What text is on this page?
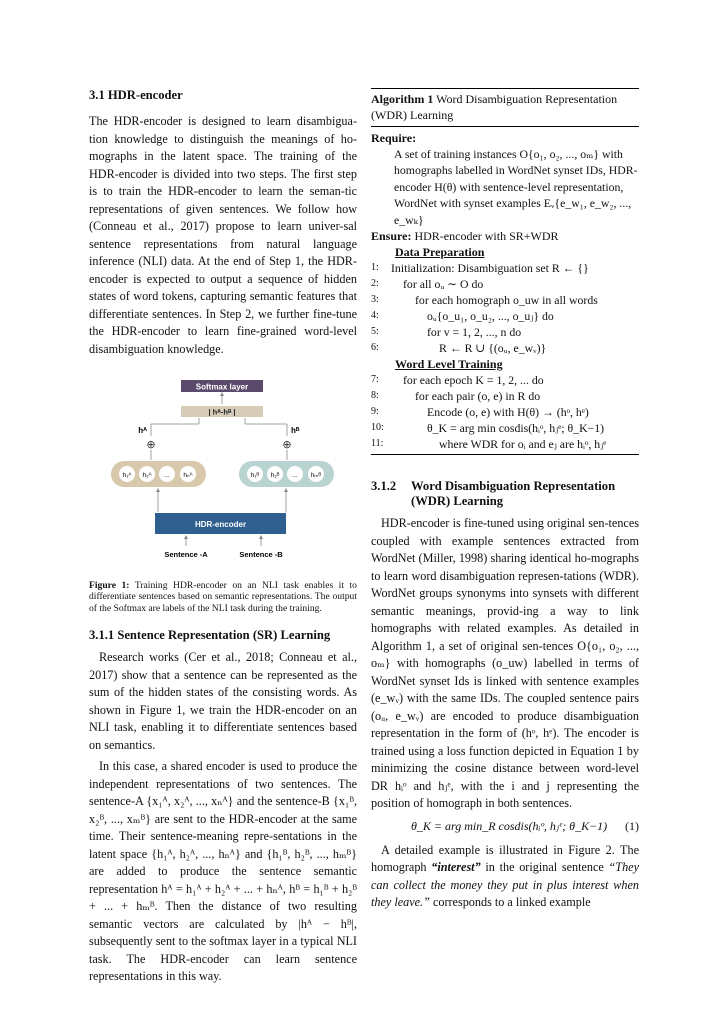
3.1 HDR-encoder

The HDR-encoder is designed to learn disambigua-tion knowledge to distinguish the meanings of ho-mographs in the latent space. The training of the HDR-encoder is divided into two steps. The first step is to train the HDR-encoder to learn the seman-tic representations of given sentences. We follow how (Conneau et al., 2017) propose to learn univer-sal sentence representations from natural language inference (NLI) data. At the end of Step 1, the HDR-encoder is expected to output a sequence of hidden states of word tokens, capturing semantic features that differentiate sentences. In Step 2, we further fine-tune the HDR-encoder to learn fine-grained word-level disambiguation knowledge.

Softmax layer
| hᴬ-hᴮ |
hᴬ	hᴮ
⊕	⊕
h₁ᴬ h₂ᴬ ... hₙᴬ	h₁ᴮ h₂ᴮ ... hₘᴮ
HDR-encoder
Sentence -A	Sentence -B
Figure 1: Training HDR-encoder on an NLI task enables it to differentiate sentences based on semantic representations. The output of the Softmax are labels of the NLI task during the training.
3.1.1 Sentence Representation (SR) Learning

Research works (Cer et al., 2018; Conneau et al., 2017) show that a sentence can be represented as the sum of the hidden states of the consisting words. As shown in Figure 1, we train the HDR-encoder on an NLI task, enabling it to differentiate sentences based on semantics.

In this case, a shared encoder is used to produce the independent representations of two sentences. The sentence-A {x₁ᴬ, x₂ᴬ, ..., xₙᴬ} and the sentence-B {x₁ᴮ, x₂ᴮ, ..., xₘᴮ} are sent to the HDR-encoder at the same time. Their sentence-meaning repre-sentations in the latent space {h₁ᴬ, h₂ᴬ, ..., hₙᴬ} and {h₁ᴮ, h₂ᴮ, ..., hₘᴮ} are added to produce the sentence semantic representation hᴬ = h₁ᴬ + h₂ᴬ + ... + hₙᴬ, hᴮ = h₁ᴮ + h₂ᴮ + ... + hₘᴮ. Then the distance of two resulting semantic vectors are calculated by |hᴬ − hᴮ|, subsequently sent to the softmax layer in a typical NLI task. The HDR-encoder can learn sentence representations in this way.

Algorithm 1 Word Disambiguation Representation (WDR) Learning
Require:
A set of training instances O{o₁, o₂, ..., oₘ} with homographs labelled in WordNet synset IDs, HDR-encoder H(θ) with sentence-level representation, WordNet with synset examples Eᵥ{e_w₁, e_w₂, ..., e_wₖ}
Ensure: HDR-encoder with SR+WDR
Data Preparation
1:	Initialization: Disambiguation set R ← {}
2:	for all oᵤ ∼ O do
3:	for each homograph o_uw in all words
4:	oᵤ{o_u₁, o_u₂, ..., o_uⱼ} do
5:	for v = 1, 2, ..., n do
6:	R ← R ∪ {(oᵤ, e_wᵥ)}
Word Level Training
7:	for each epoch K = 1, 2, ... do
8:	for each pair (o, e) in R do
9:	Encode (o, e) with H(θ) → (hᵒ, hᵉ)
10:	θ_K = arg min cosdis(hᵢᵒ, hⱼᵉ; θ_K−1)
11:	where WDR for oᵢ and eⱼ are hᵢᵒ, hⱼᵉ
3.1.2	Word Disambiguation Representation (WDR) Learning

HDR-encoder is fine-tuned using original sen-tences coupled with example sentences extracted from WordNet (Miller, 1998) sharing identical ho-mographs to learn word disambiguation represen-tations (WDR). WordNet groups synonyms into synsets with different semantic meanings, provid-ing a way to link homographs with related examples. As detailed in Algorithm 1, a set of original sen-tences O{o₁, o₂, ..., oₘ} with homographs (o_uw) labelled in terms of WordNet synset Ids is linked with sentence examples (e_wᵥ) with the same IDs. The coupled sentence pairs (oᵤ, e_wᵥ) are encoded to produce disambiguation representation in the form of (hᵒ, hᵉ). The encoder is trained using a loss function depicted in Equation 1 by minimizing the cosine distance between word-level DR hᵢᵒ and hⱼᵉ, with the i and j representing the position of homograph in both sentences.

θ_K = arg min_R cosdis(hᵢᵒ, hⱼᵉ; θ_K−1) (1)

A detailed example is illustrated in Figure 2. The homograph “interest” in the original sentence “They can collect the money they put in plus interest when they leave.” corresponds to a linked example
